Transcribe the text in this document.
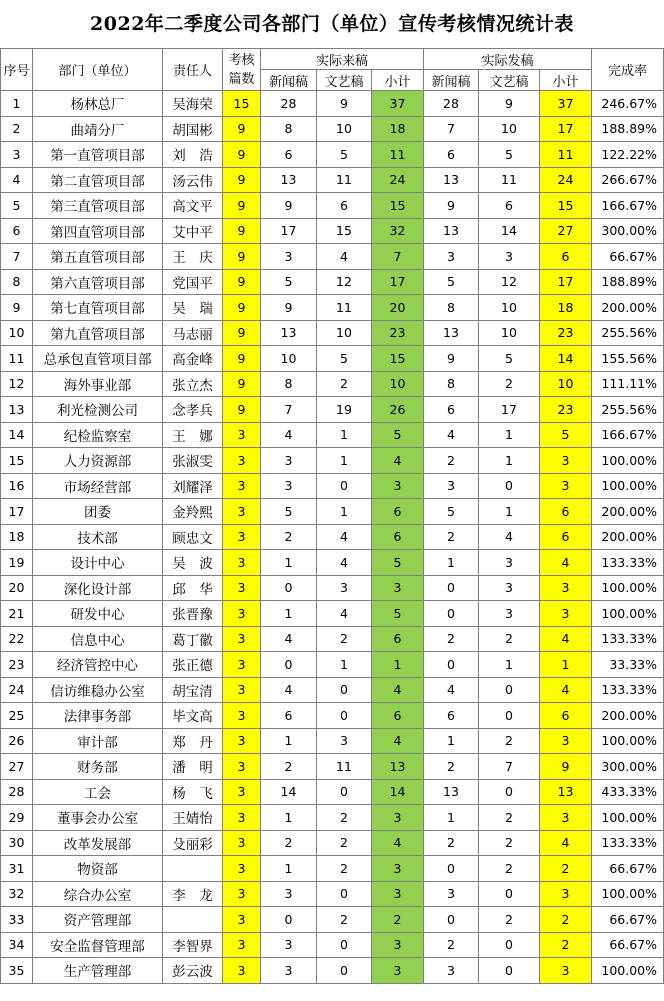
2022年二季度公司各部门（单位）宣传考核情况统计表
序号	部门（单位）	责任人	考核篇数	实际来稿			实际发稿			完成率
				新闻稿	文艺稿	小计	新闻稿	文艺稿	小计	
1	杨林总厂	吴海荣	15	28	9	37	28	9	37	246.67%
2	曲靖分厂	胡国彬	9	8	10	18	7	10	17	188.89%
3	第一直管项目部	刘　浩	9	6	5	11	6	5	11	122.22%
4	第二直管项目部	汤云伟	9	13	11	24	13	11	24	266.67%
5	第三直管项目部	高文平	9	9	6	15	9	6	15	166.67%
6	第四直管项目部	艾中平	9	17	15	32	13	14	27	300.00%
7	第五直管项目部	王　庆	9	3	4	7	3	3	6	66.67%
8	第六直管项目部	党国平	9	5	12	17	5	12	17	188.89%
9	第七直管项目部	吴　瑞	9	9	11	20	8	10	18	200.00%
10	第九直管项目部	马志丽	9	13	10	23	13	10	23	255.56%
11	总承包直管项目部	高金峰	9	10	5	15	9	5	14	155.56%
12	海外事业部	张立杰	9	8	2	10	8	2	10	111.11%
13	利光检测公司	念孝兵	9	7	19	26	6	17	23	255.56%
14	纪检监察室	王　娜	3	4	1	5	4	1	5	166.67%
15	人力资源部	张淑雯	3	3	1	4	2	1	3	100.00%
16	市场经营部	刘耀泽	3	3	0	3	3	0	3	100.00%
17	团委	金羚熙	3	5	1	6	5	1	6	200.00%
18	技术部	顾忠文	3	2	4	6	2	4	6	200.00%
19	设计中心	吴　波	3	1	4	5	1	3	4	133.33%
20	深化设计部	邱　华	3	0	3	3	0	3	3	100.00%
21	研发中心	张晋豫	3	1	4	5	0	3	3	100.00%
22	信息中心	葛丁徽	3	4	2	6	2	2	4	133.33%
23	经济管控中心	张正德	3	0	1	1	0	1	1	33.33%
24	信访维稳办公室	胡宝清	3	4	0	4	4	0	4	133.33%
25	法律事务部	毕文高	3	6	0	6	6	0	6	200.00%
26	审计部	郑　丹	3	1	3	4	1	2	3	100.00%
27	财务部	潘　明	3	2	11	13	2	7	9	300.00%
28	工会	杨　飞	3	14	0	14	13	0	13	433.33%
29	董事会办公室	王婧怡	3	1	2	3	1	2	3	100.00%
30	改革发展部	殳丽彩	3	2	2	4	2	2	4	133.33%
31	物资部		3	1	2	3	0	2	2	66.67%
32	综合办公室	李　龙	3	3	0	3	3	0	3	100.00%
33	资产管理部		3	0	2	2	0	2	2	66.67%
34	安全监督管理部	李智界	3	3	0	3	2	0	2	66.67%
35	生产管理部	彭云波	3	3	0	3	3	0	3	100.00%
